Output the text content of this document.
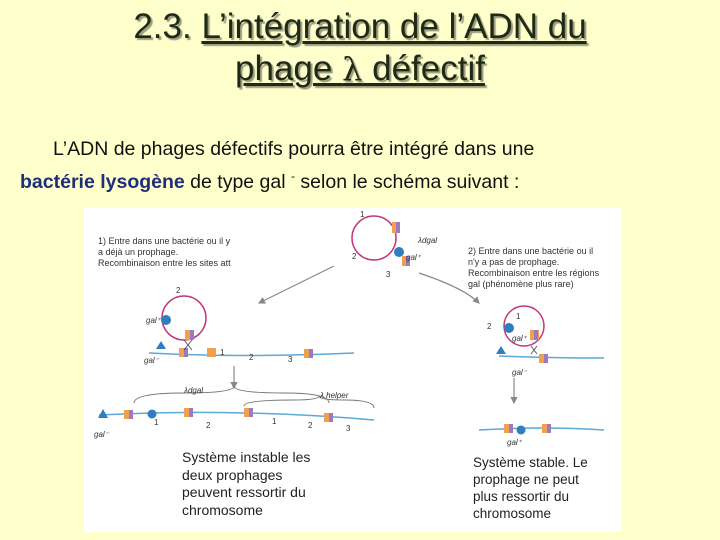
2.3. L’intégration de l’ADN du
phage λ défectif
L’ADN de phages défectifs pourra être intégré dans une
bactérie lysogène de type gal - selon le schéma suivant :
1) Entre dans une bactérie ou il y
a déjà un prophage.
Recombinaison entre les sites att
2) Entre dans une bactérie ou il
n'y a pas de prophage.
Recombinaison entre les régions
gal (phénomène plus rare)
λdgal
λdgal
λ helper
gal⁺
gal⁺
gal⁻
gal⁻
gal⁺
gal⁻
gal⁺
1
2
3
2
1
2	3
1	2	1	2	3
1
2
Système instable les
deux prophages
peuvent ressortir du
chromosome
Système stable. Le
prophage ne peut
plus ressortir du
chromosome
